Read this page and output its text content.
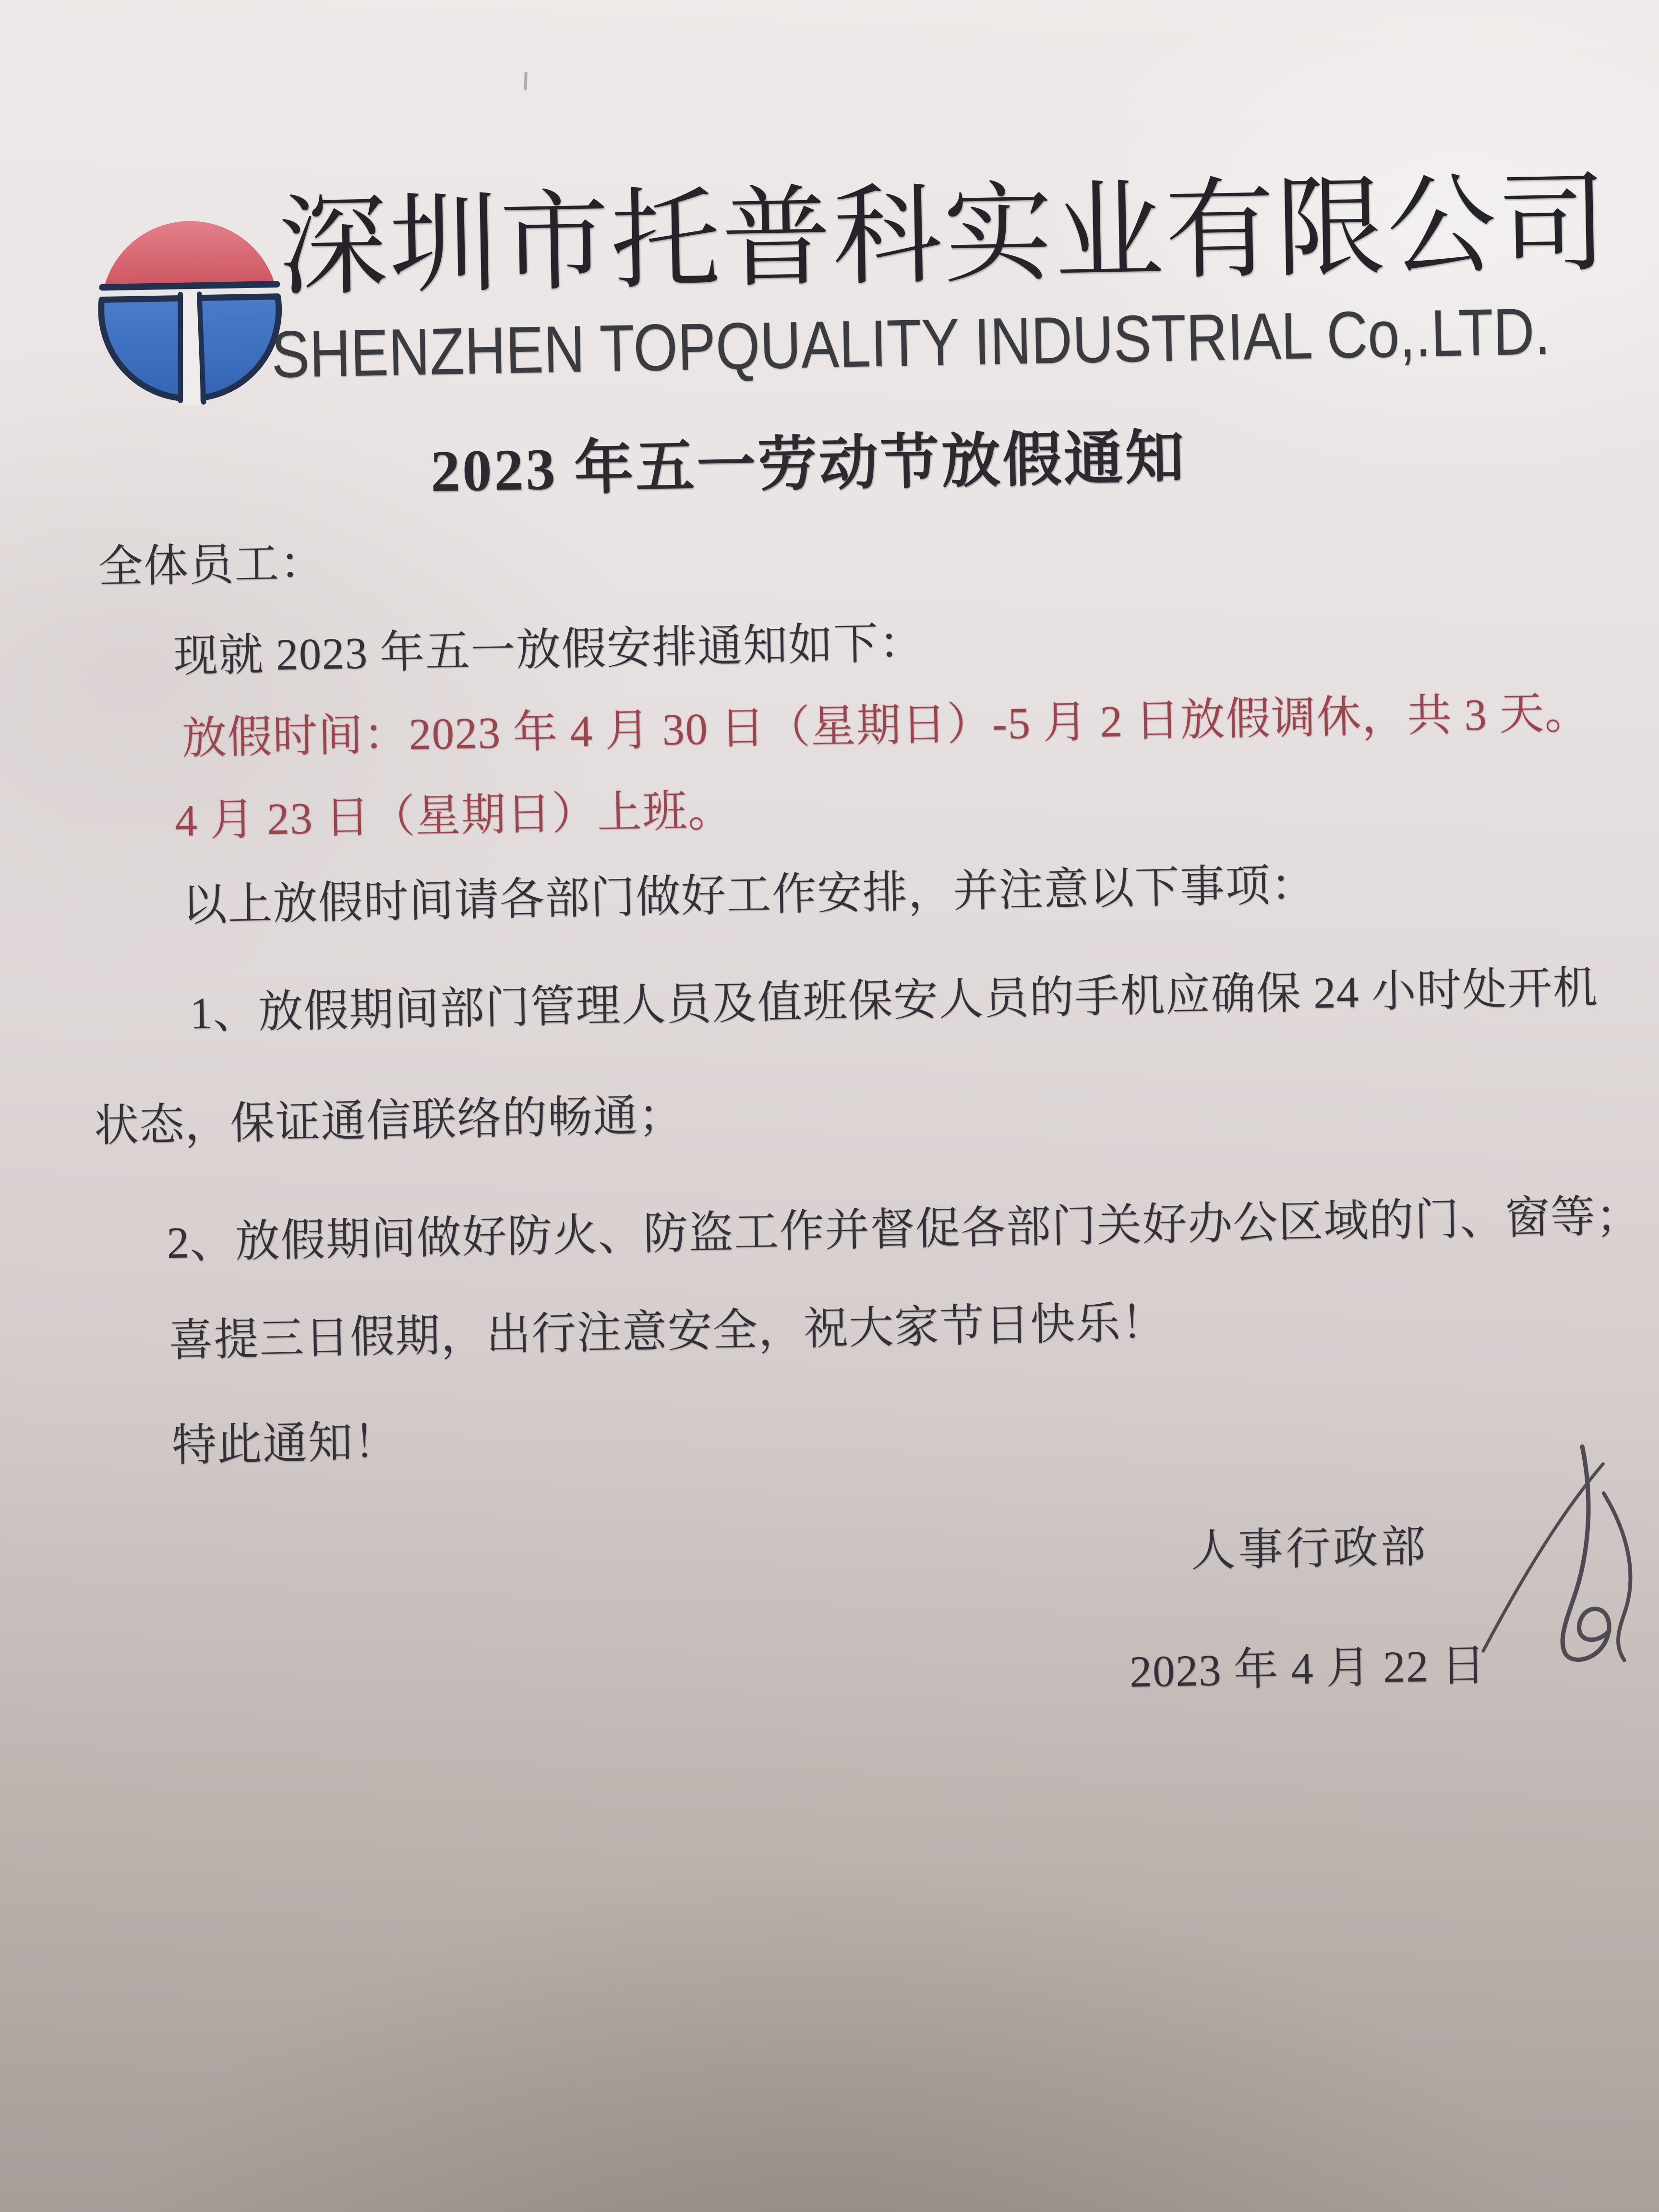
深圳市托普科实业有限公司
SHENZHEN TOPQUALITY INDUSTRIAL Co,.LTD.
2023 年五一劳动节放假通知
全体员工：
现就 2023 年五一放假安排通知如下：
放假时间：2023 年 4 月 30 日（星期日）-5 月 2 日放假调休，共 3 天。
4 月 23 日（星期日）上班。
以上放假时间请各部门做好工作安排，并注意以下事项：
1、放假期间部门管理人员及值班保安人员的手机应确保 24 小时处开机
状态，保证通信联络的畅通；
2、放假期间做好防火、防盗工作并督促各部门关好办公区域的门、窗等；
喜提三日假期，出行注意安全，祝大家节日快乐！
特此通知！
人事行政部
2023 年 4 月 22 日
